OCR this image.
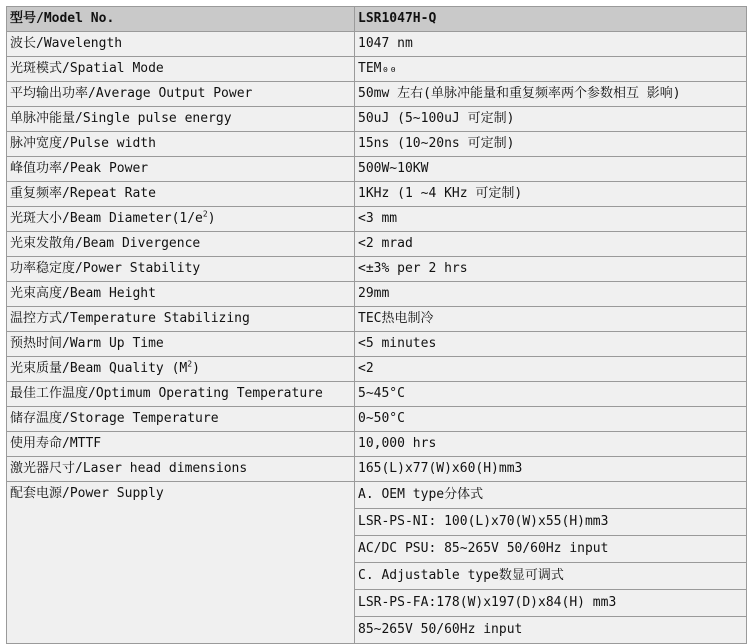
型号/Model No.	LSR1047H-Q
波长/Wavelength	1047 nm
光斑模式/Spatial Mode	TEM₀₀
平均输出功率/Average Output Power	50mw 左右(单脉冲能量和重复频率两个参数相互 影响)
单脉冲能量/Single pulse energy	50uJ (5~100uJ 可定制)
脉冲宽度/Pulse width	15ns (10~20ns 可定制)
峰值功率/Peak Power	500W~10KW
重复频率/Repeat Rate	1KHz (1 ~4 KHz 可定制)
光斑大小/Beam $Diameter(1/e^2)$	<3 mm
光束发散角/Beam Divergence	<2 mrad
功率稳定度/Power Stability	<±3% per 2 hrs
光束高度/Beam Height	29mm
温控方式/Temperature Stabilizing	TEC热电制冷
预热时间/Warm Up Time	<5 minutes
光束质量/Beam Quality $(M^2)$	<2
最佳工作温度/Optimum Operating Temperature	5~45°C
储存温度/Storage Temperature	0~50°C
使用寿命/MTTF	10,000 hrs
激光器尺寸/Laser head dimensions	165(L)x77(W)x60(H)mm3
配套电源/Power Supply	A. OEM type分体式
	LSR-PS-NI: 100(L)x70(W)x55(H)mm3
	AC/DC PSU: 85~265V 50/60Hz input
	C. Adjustable type数显可调式
	LSR-PS-FA:178(W)x197(D)x84(H) mm3
	85~265V 50/60Hz input
